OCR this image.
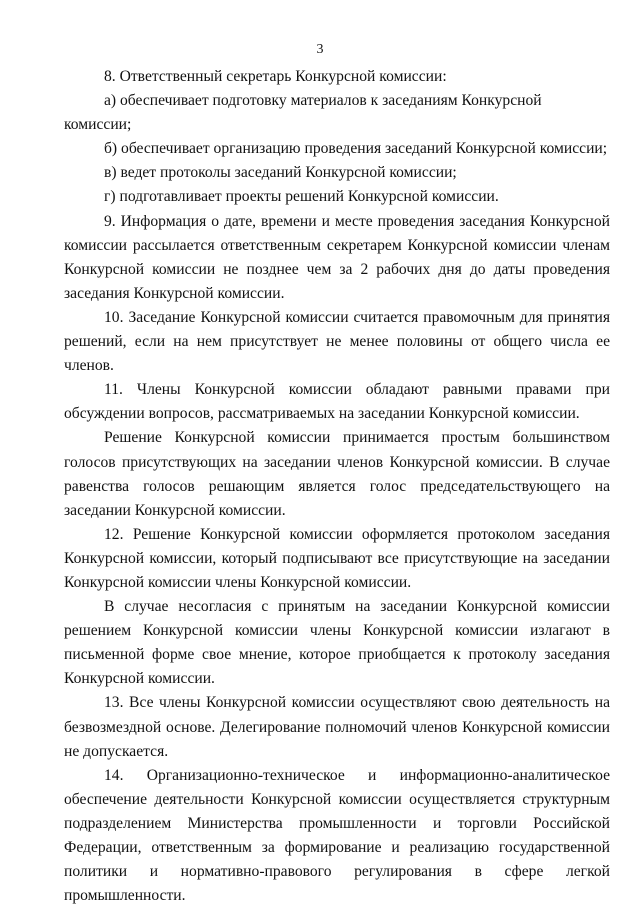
3

8. Ответственный секретарь Конкурсной комиссии:

а) обеспечивает подготовку материалов к заседаниям Конкурсной комиссии;

б) обеспечивает организацию проведения заседаний Конкурсной комиссии;

в) ведет протоколы заседаний Конкурсной комиссии;

г) подготавливает проекты решений Конкурсной комиссии.

9. Информация о дате, времени и месте проведения заседания Конкурсной комиссии рассылается ответственным секретарем Конкурсной комиссии членам Конкурсной комиссии не позднее чем за 2 рабочих дня до даты проведения заседания Конкурсной комиссии.

10. Заседание Конкурсной комиссии считается правомочным для принятия решений, если на нем присутствует не менее половины от общего числа ее членов.

11. Члены Конкурсной комиссии обладают равными правами при обсуждении вопросов, рассматриваемых на заседании Конкурсной комиссии.

Решение Конкурсной комиссии принимается простым большинством голосов присутствующих на заседании членов Конкурсной комиссии. В случае равенства голосов решающим является голос председательствующего на заседании Конкурсной комиссии.

12. Решение Конкурсной комиссии оформляется протоколом заседания Конкурсной комиссии, который подписывают все присутствующие на заседании Конкурсной комиссии члены Конкурсной комиссии.

В случае несогласия с принятым на заседании Конкурсной комиссии решением Конкурсной комиссии члены Конкурсной комиссии излагают в письменной форме свое мнение, которое приобщается к протоколу заседания Конкурсной комиссии.

13. Все члены Конкурсной комиссии осуществляют свою деятельность на безвозмездной основе. Делегирование полномочий членов Конкурсной комиссии не допускается.

14. Организационно-техническое и информационно-аналитическое обеспечение деятельности Конкурсной комиссии осуществляется структурным подразделением Министерства промышленности и торговли Российской Федерации, ответственным за формирование и реализацию государственной политики и нормативно-правового регулирования в сфере легкой промышленности.
